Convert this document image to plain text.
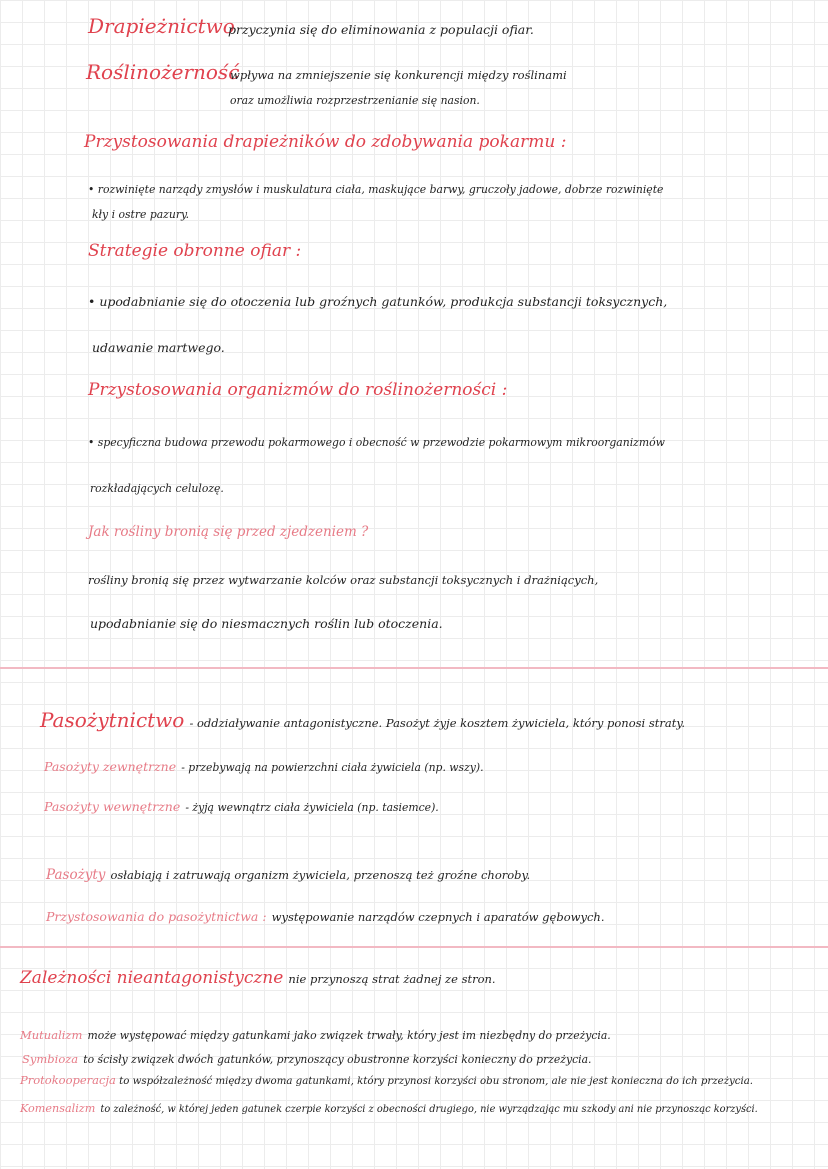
Drapieżnictwo
przyczynia się do eliminowania z populacji ofiar.
Roślinożerność
wpływa na zmniejszenie się konkurencji między roślinami
oraz umożliwia rozprzestrzenianie się nasion.
Przystosowania drapieżników do zdobywania pokarmu :
• rozwinięte narządy zmysłów i muskulatura ciała, maskujące barwy, gruczoły jadowe, dobrze rozwinięte
kły i ostre pazury.
Strategie obronne ofiar :
• upodabnianie się do otoczenia lub groźnych gatunków, produkcja substancji toksycznych,
udawanie martwego.
Przystosowania organizmów do roślinożerności :
• specyficzna budowa przewodu pokarmowego i obecność w przewodzie pokarmowym mikroorganizmów
rozkładających celulozę.
Jak rośliny bronią się przed zjedzeniem ?
rośliny bronią się przez wytwarzanie kolców oraz substancji toksycznych i drażniących,
upodabnianie się do niesmacznych roślin lub otoczenia.
Pasożytnictwo - oddziaływanie antagonistyczne. Pasożyt żyje kosztem żywiciela, który ponosi straty.
Pasożyty zewnętrzne - przebywają na powierzchni ciała żywiciela (np. wszy).
Pasożyty wewnętrzne - żyją wewnątrz ciała żywiciela (np. tasiemce).
Pasożyty osłabiają i zatruwają organizm żywiciela, przenoszą też groźne choroby.
Przystosowania do pasożytnictwa : występowanie narządów czepnych i aparatów gębowych.
Zależności nieantagonistyczne nie przynoszą strat żadnej ze stron.
Mutualizm może występować między gatunkami jako związek trwały, który jest im niezbędny do przeżycia.
Symbioza to ścisły związek dwóch gatunków, przynoszący obustronne korzyści konieczny do przeżycia.
Protokooperacja to współzależność między dwoma gatunkami, który przynosi korzyści obu stronom, ale nie jest konieczna do ich przeżycia.
Komensalizm to zależność, w której jeden gatunek czerpie korzyści z obecności drugiego, nie wyrządzając mu szkody ani nie przynosząc korzyści.
